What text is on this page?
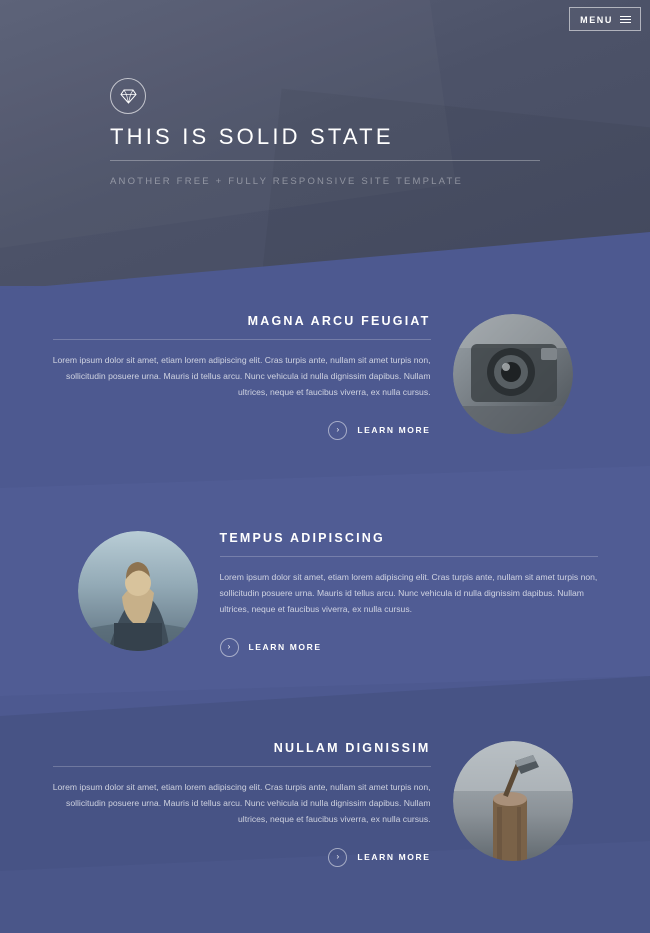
THIS IS SOLID STATE
ANOTHER FREE + FULLY RESPONSIVE SITE TEMPLATE
MENU
MAGNA ARCU FEUGIAT
Lorem ipsum dolor sit amet, etiam lorem adipiscing elit. Cras turpis ante, nullam sit amet turpis non, sollicitudin posuere urna. Mauris id tellus arcu. Nunc vehicula id nulla dignissim dapibus. Nullam ultrices, neque et faucibus viverra, ex nulla cursus.
›	LEARN MORE
TEMPUS ADIPISCING
Lorem ipsum dolor sit amet, etiam lorem adipiscing elit. Cras turpis ante, nullam sit amet turpis non, sollicitudin posuere urna. Mauris id tellus arcu. Nunc vehicula id nulla dignissim dapibus. Nullam ultrices, neque et faucibus viverra, ex nulla cursus.
›	LEARN MORE
NULLAM DIGNISSIM
Lorem ipsum dolor sit amet, etiam lorem adipiscing elit. Cras turpis ante, nullam sit amet turpis non, sollicitudin posuere urna. Mauris id tellus arcu. Nunc vehicula id nulla dignissim dapibus. Nullam ultrices, neque et faucibus viverra, ex nulla cursus.
›	LEARN MORE
